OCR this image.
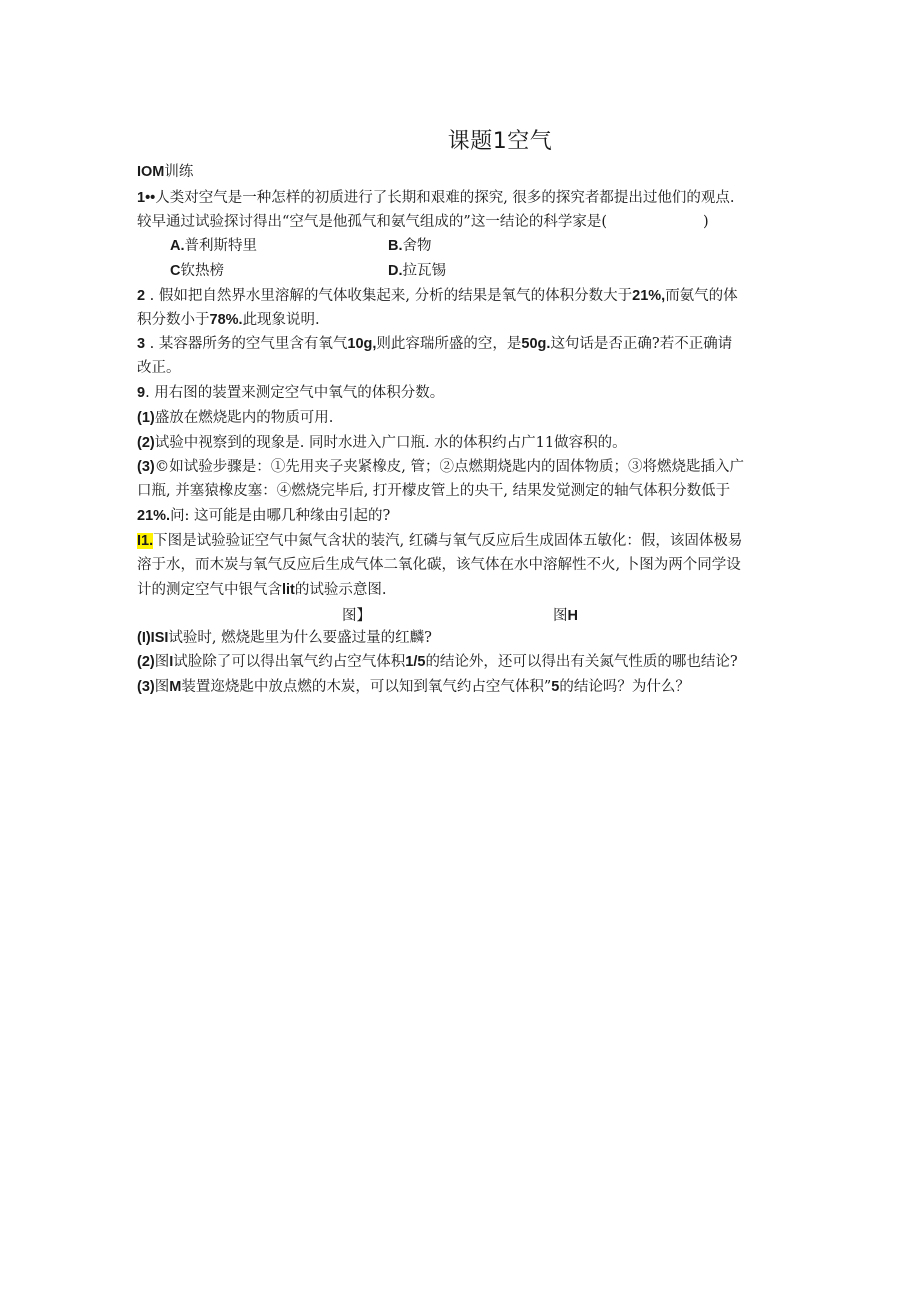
课题1空气
IOM训练
1••人类对空气是一种怎样的初质进行了长期和艰难的探究, 很多的探究者都提出过他们的观点.
较早通过试验探讨得出“空气是他孤气和氨气组成的”这一结论的科学家是(	)
A.普利斯特里	B.舍物
C钦热榜	D.拉瓦锡
2 . 假如把自然界水里溶解的气体收集起来, 分析的结果是氧气的体积分数大于21%,而氨气的体
积分数小于78%.此现象说明.
3 . 某容器所务的空气里含有氧气10g,则此容瑞所盛的空，是50g.这句话是否正确?若不正确请
改正。
9. 用右图的装置来测定空气中氧气的体积分数。
(1)盛放在燃烧匙内的物质可用.
(2)试验中视察到的现象是. 同时水进入广口瓶. 水的体积约占广11做容积的。
(3)©如试验步骤是：①先用夹子夹紧橡皮, 管；②点燃期烧匙内的固体物质；③将燃烧匙插入广
口瓶, 并塞猿橡皮塞：④燃烧完毕后, 打开檬皮管上的央干, 结果发觉测定的轴气体积分数低于
21%.问: 这可能是由哪几种缘由引起的?
I1.下图是试验验证空气中氮气含状的装汽, 红磷与氧气反应后生成固体五敏化：假，该固体极易
溶于水，而木炭与氧气反应后生成气体二氧化碳，该气体在水中溶解性不火, 卜图为两个同学设
计的测定空气中银气含lit的试验示意图.
图】	图H
(I)ISI试验时, 燃烧匙里为什么要盛过量的红麟?
(2)图I试脸除了可以得出氧气约占空气体积1/5的结论外，还可以得出有关氮气性质的哪也结论?
(3)图M装置迩烧匙中放点燃的木炭，可以知到氧气约占空气体积”5的结论吗？为什么？
